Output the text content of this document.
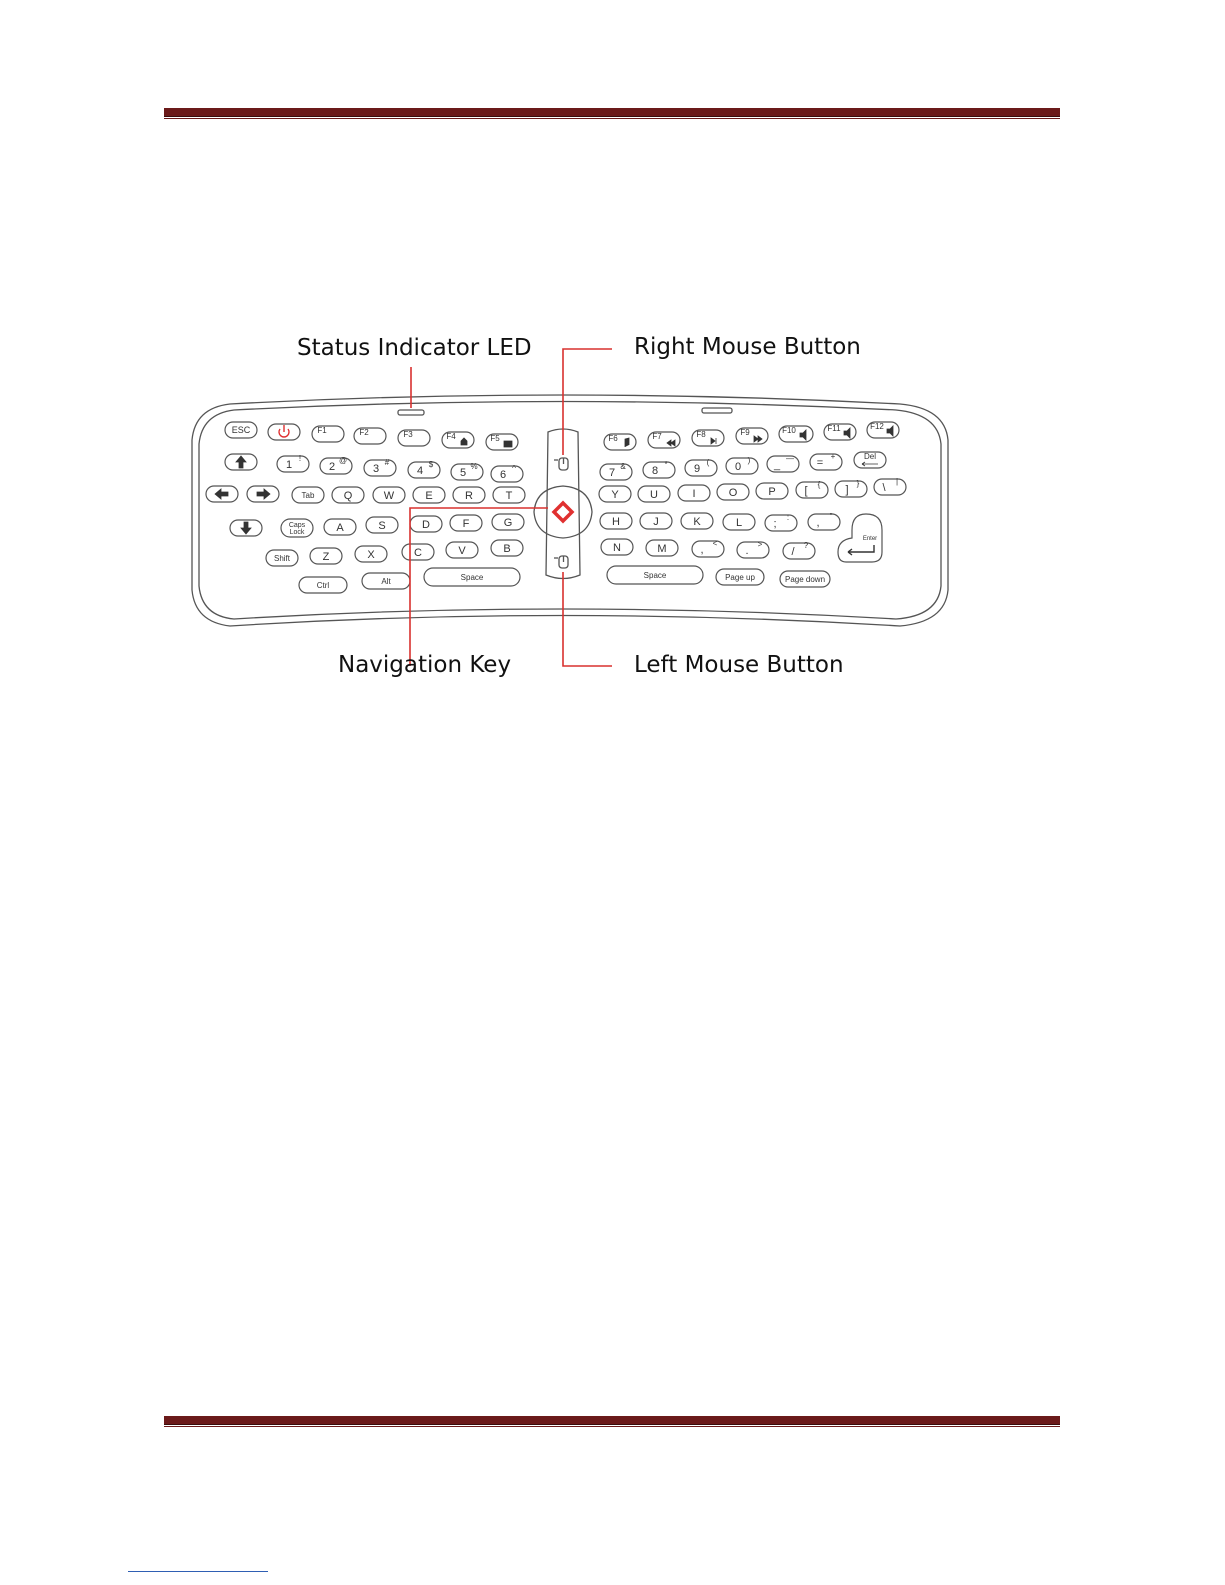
ESC	F1	F2	F3	F4	F5	F6	F7	F8	F9	F10	F11	F12
1
!
2
@
3
#
4
$
5
%
6
^	7
& 8
* 9
( 0
) _
— =
+	Del
Tab	Q	W	E	R	T	Y	U	I	O	P	[
{ ]
} \
|
Caps
Lock	A	S	D	F	G	H	J	K	L	;
: ,
"
Enter
Shift	Z	X	C	V	B	N	M	,
<
.
>
/
?
Ctrl	Alt	Space	Space	Page up	Page down
Status Indicator LED	Right Mouse Button
Navigation Key	Left Mouse Button
